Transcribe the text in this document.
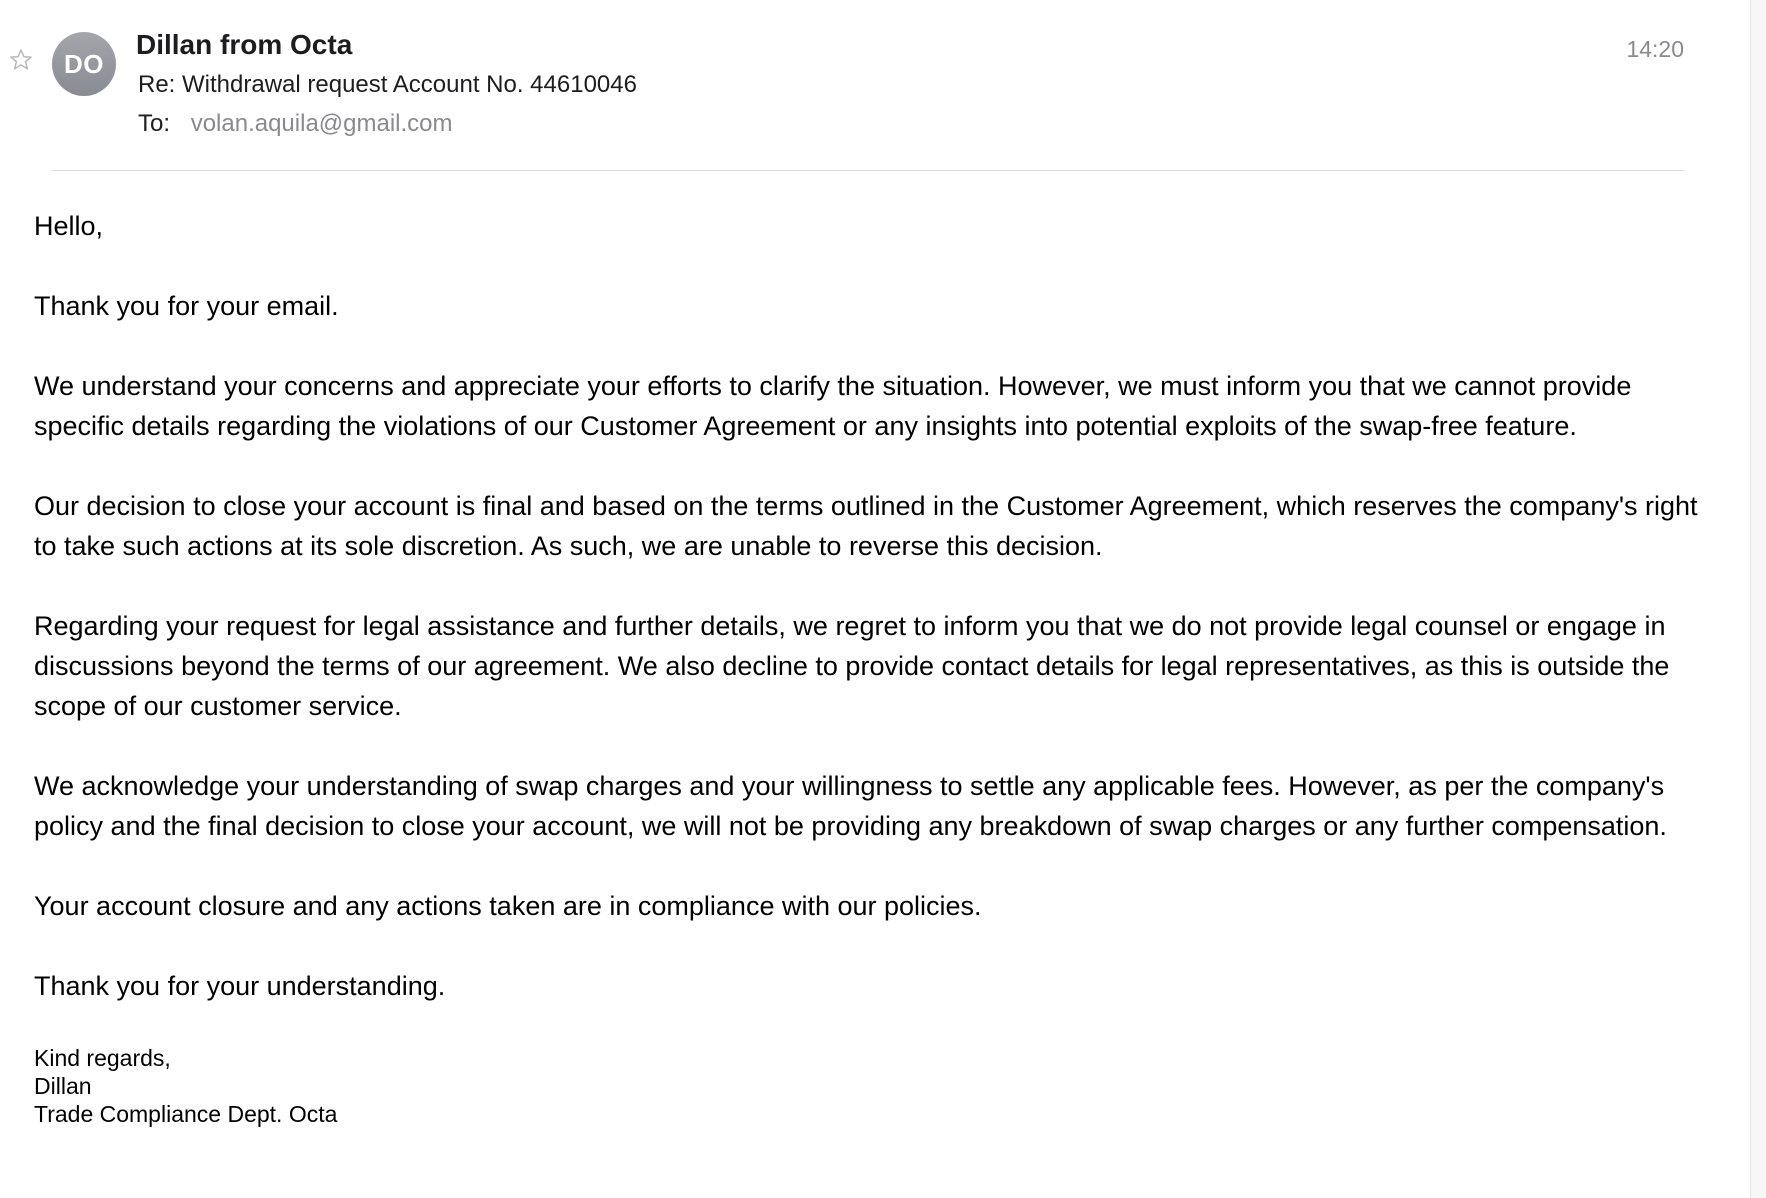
DO
Dillan from Octa
Re: Withdrawal request Account No. 44610046
To: volan.aquila@gmail.com
14:20

Hello,

Thank you for your email.

We understand your concerns and appreciate your efforts to clarify the situation. However, we must inform you that we cannot provide specific details regarding the violations of our Customer Agreement or any insights into potential exploits of the swap-free feature.

Our decision to close your account is final and based on the terms outlined in the Customer Agreement, which reserves the company's right to take such actions at its sole discretion. As such, we are unable to reverse this decision.

Regarding your request for legal assistance and further details, we regret to inform you that we do not provide legal counsel or engage in discussions beyond the terms of our agreement. We also decline to provide contact details for legal representatives, as this is outside the scope of our customer service.

We acknowledge your understanding of swap charges and your willingness to settle any applicable fees. However, as per the company's policy and the final decision to close your account, we will not be providing any breakdown of swap charges or any further compensation.

Your account closure and any actions taken are in compliance with our policies.

Thank you for your understanding.

Kind regards,
Dillan
Trade Compliance Dept. Octa
